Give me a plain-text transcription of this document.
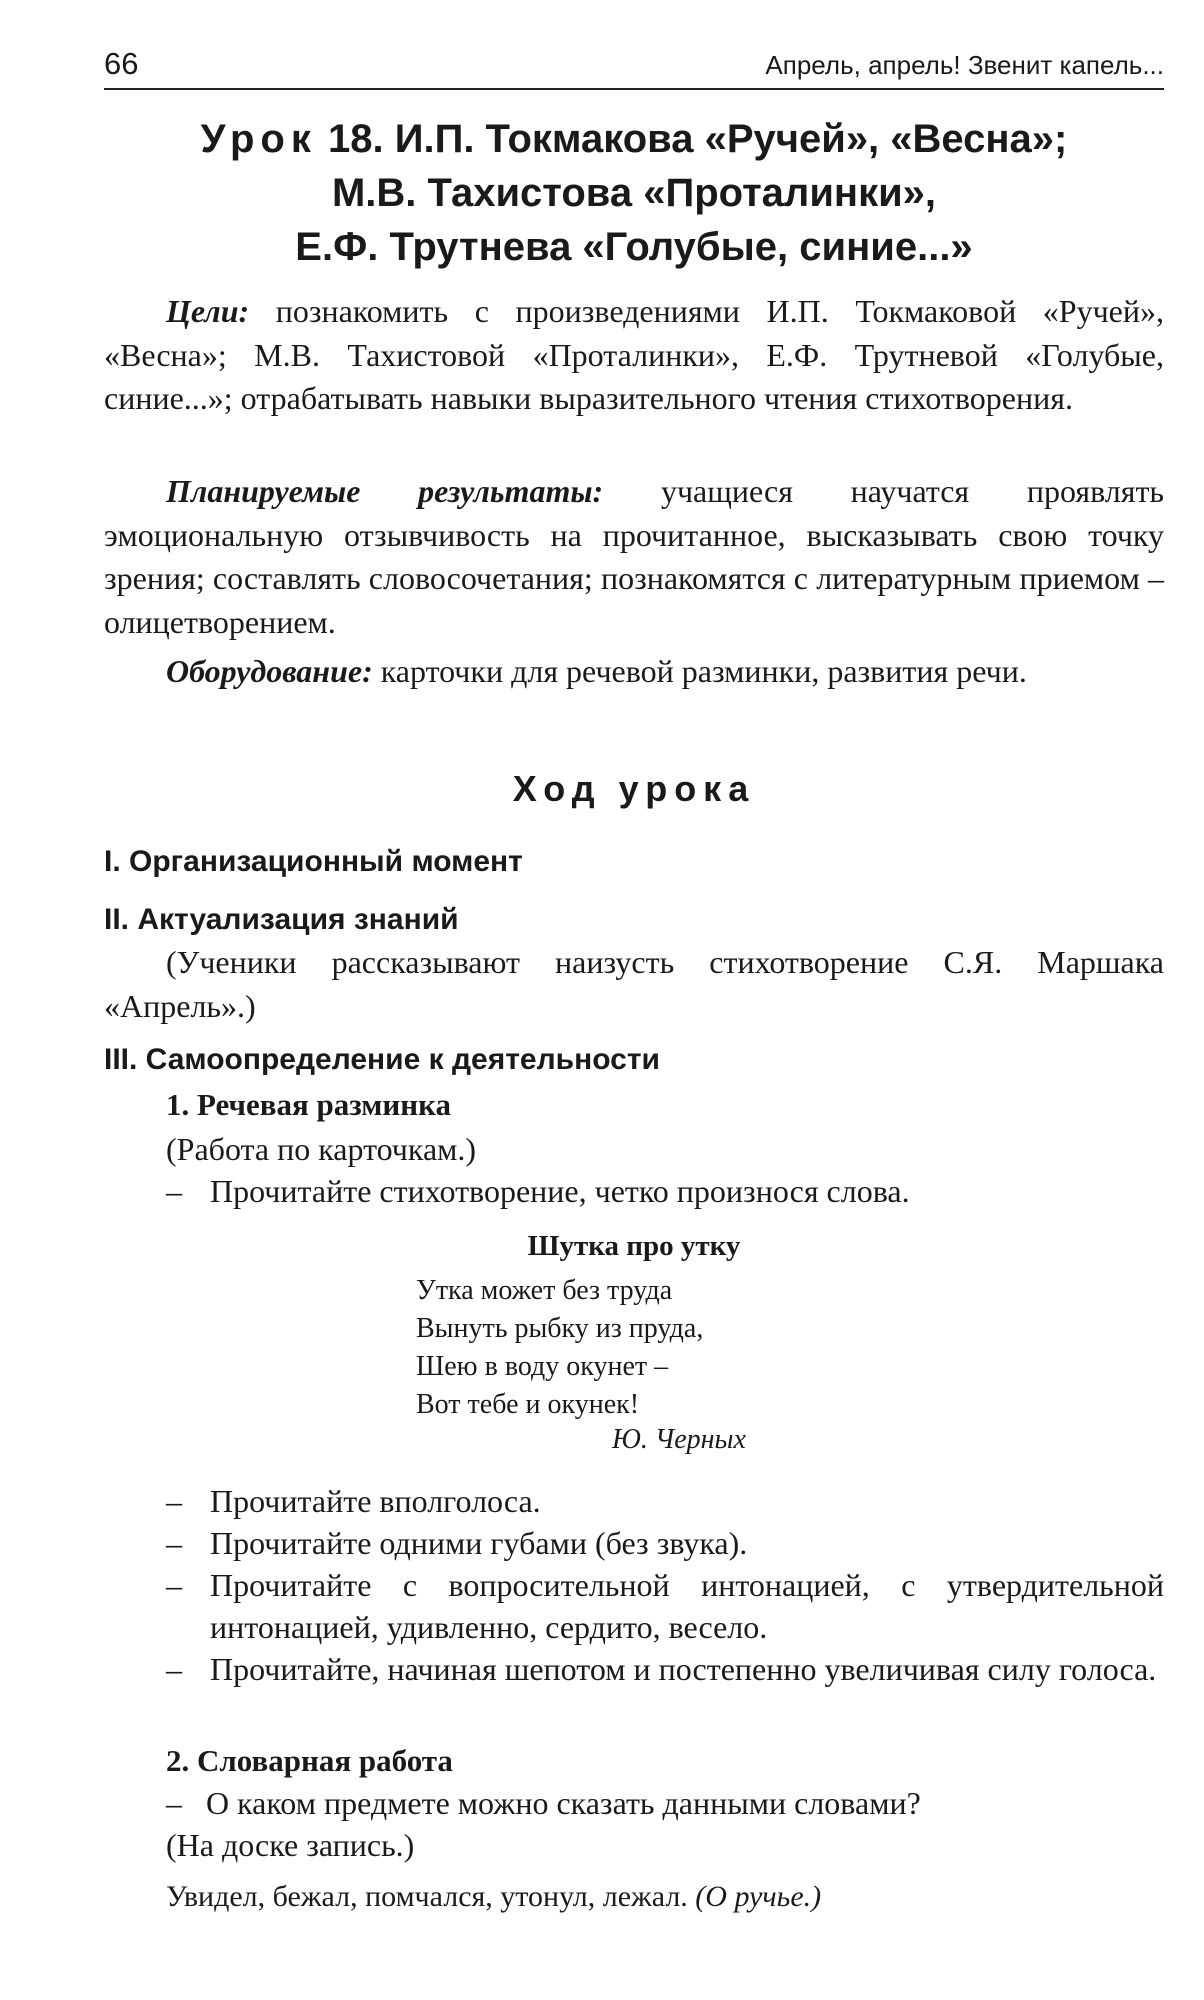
66	Апрель, апрель! Звенит капель...
Урок 18. И.П. Токмакова «Ручей», «Весна»;
М.В. Тахистова «Проталинки»,
Е.Ф. Трутнева «Голубые, синие...»
Цели: познакомить с произведениями И.П. Токмаковой «Ручей», «Весна»; М.В. Тахистовой «Проталинки», Е.Ф. Трутневой «Голубые, синие...»; отрабатывать навыки выразительного чтения стихотворения.
Планируемые результаты: учащиеся научатся проявлять эмоциональную отзывчивость на прочитанное, высказывать свою точку зрения; составлять словосочетания; познакомятся с литературным приемом – олицетворением.
Оборудование: карточки для речевой разминки, развития речи.
Ход урока
I. Организационный момент
II. Актуализация знаний
(Ученики рассказывают наизусть стихотворение С.Я. Маршака «Апрель».)
III. Самоопределение к деятельности
1. Речевая разминка
(Работа по карточкам.)
– Прочитайте стихотворение, четко произнося слова.
Шутка про утку
Утка может без труда
Вынуть рыбку из пруда,
Шею в воду окунет –
Вот тебе и окунек!
Ю. Черных
– Прочитайте вполголоса.
– Прочитайте одними губами (без звука).
– Прочитайте с вопросительной интонацией, с утвердительной интонацией, удивленно, сердито, весело.
– Прочитайте, начиная шепотом и постепенно увеличивая силу голоса.
2. Словарная работа
– О каком предмете можно сказать данными словами?
(На доске запись.)
Увидел, бежал, помчался, утонул, лежал. (О ручье.)
